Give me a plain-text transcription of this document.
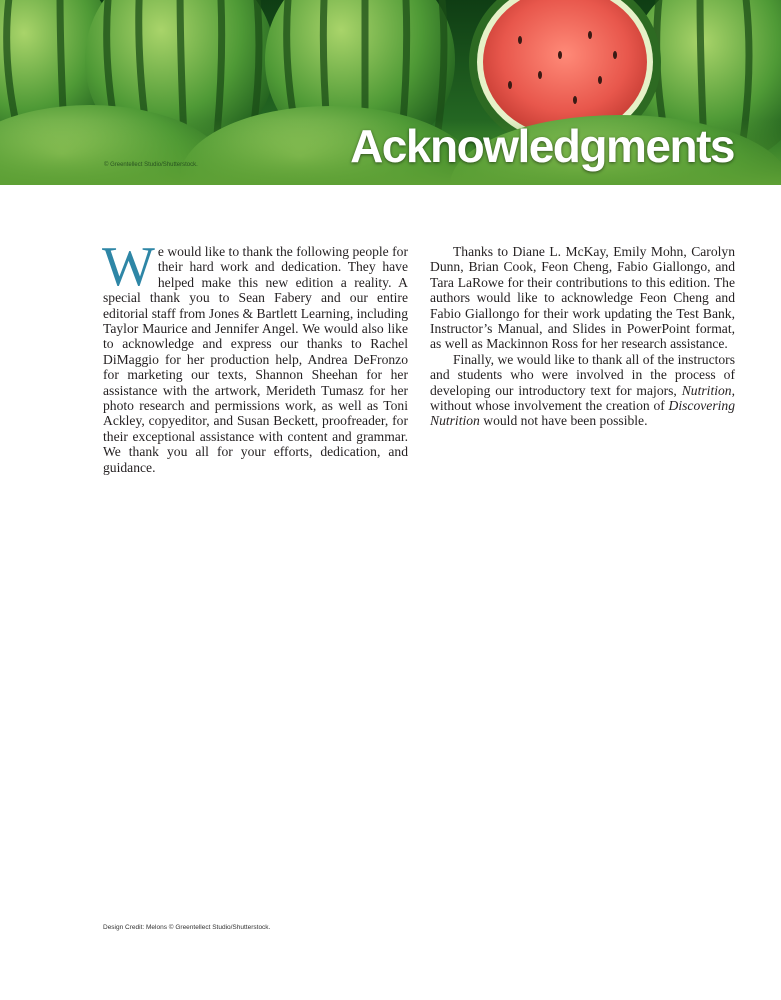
Acknowledgments
© Greentellect Studio/Shutterstock.

We would like to thank the following people for their hard work and dedication. They have helped make this new edition a reality. A special thank you to Sean Fabery and our entire editorial staff from Jones & Bartlett Learning, including Taylor Maurice and Jennifer Angel. We would also like to acknowledge and express our thanks to Rachel DiMaggio for her production help, Andrea DeFronzo for marketing our texts, Shannon Sheehan for her assistance with the artwork, Merideth Tumasz for her photo research and permissions work, as well as Toni Ackley, copyeditor, and Susan Beckett, proofreader, for their exceptional assistance with content and grammar. We thank you all for your efforts, dedication, and guidance.

Thanks to Diane L. McKay, Emily Mohn, Carolyn Dunn, Brian Cook, Feon Cheng, Fabio Giallongo, and Tara LaRowe for their contributions to this edition. The authors would like to acknowledge Feon Cheng and Fabio Giallongo for their work updating the Test Bank, Instructor’s Manual, and Slides in PowerPoint format, as well as Mackinnon Ross for her research assistance.

Finally, we would like to thank all of the instructors and students who were involved in the process of developing our introductory text for majors, Nutrition, without whose involvement the creation of Discovering Nutrition would not have been possible.

Design Credit: Melons © Greentellect Studio/Shutterstock.
